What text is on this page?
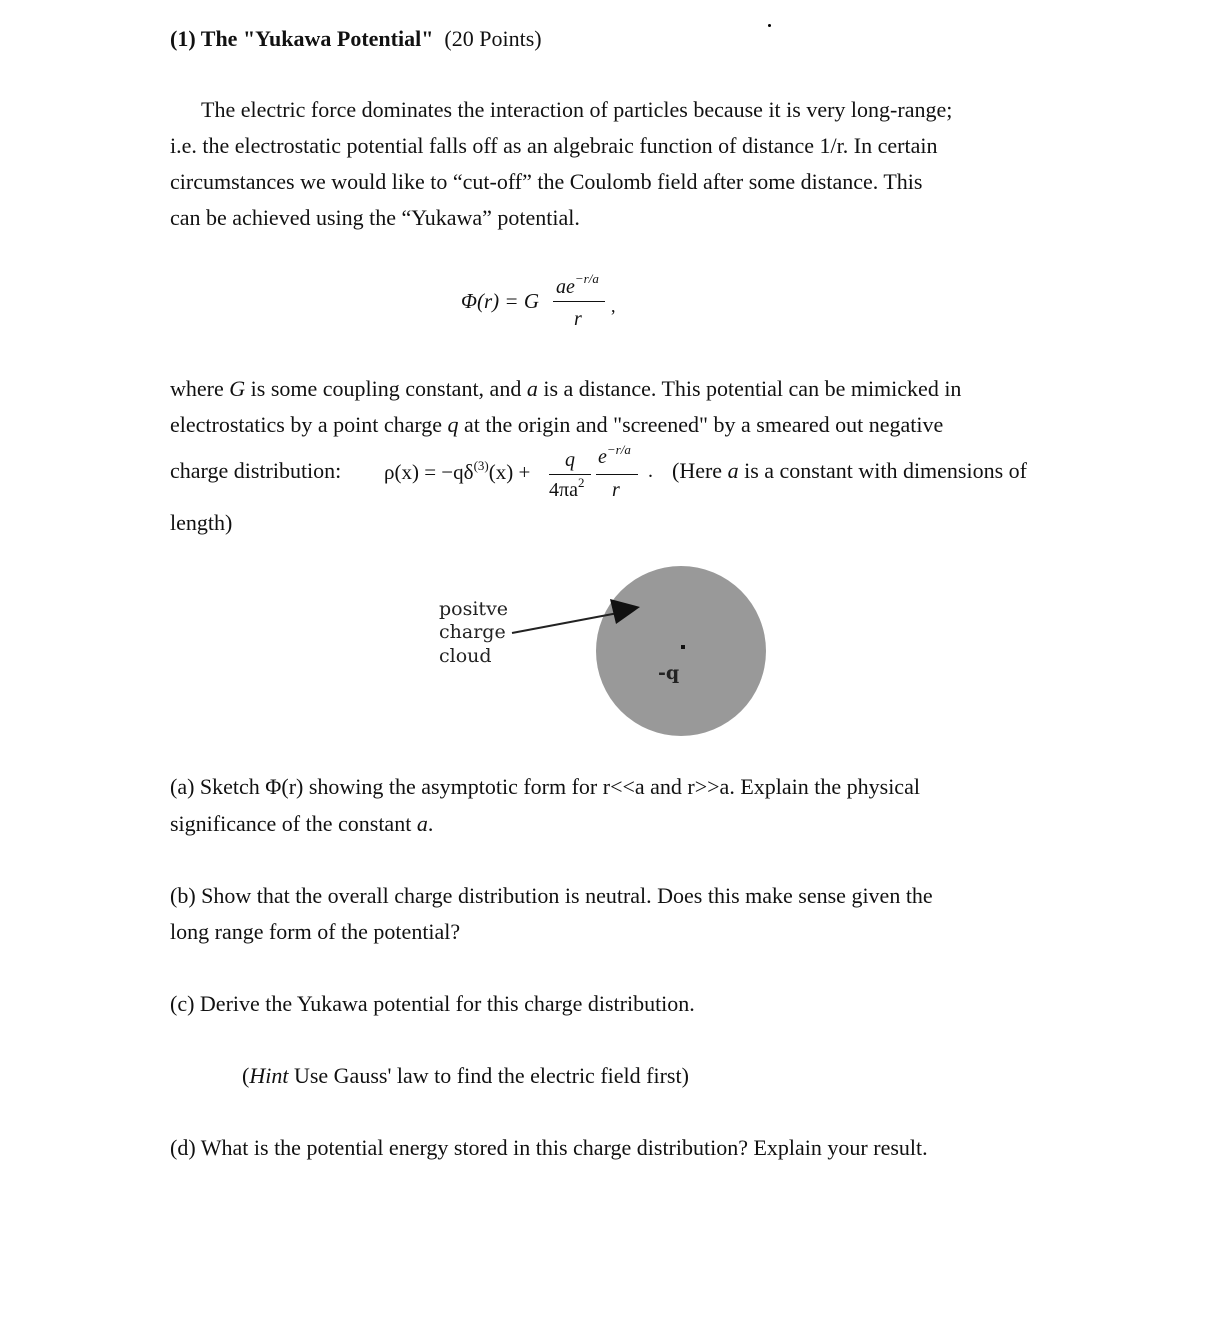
(1) The "Yukawa Potential" (20 Points)
The electric force dominates the interaction of particles because it is very long-range;
i.e. the electrostatic potential falls off as an algebraic function of distance 1/r. In certain
circumstances we would like to “cut-off” the Coulomb field after some distance. This
can be achieved using the “Yukawa” potential.
Φ(r) = G
$ae^{-r/a}$
r
,
where G is some coupling constant, and a is a distance. This potential can be mimicked in
electrostatics by a point charge q at the origin and "screened" by a smeared out negative
charge distribution: $\rho(x) = -q\delta^{(3)}(x) + q$
$4\pi a^2$
$e^{-r/a}$
r
. (Here a is a constant with dimensions of
length)
positve
charge
cloud
-q
(a) Sketch Φ(r) showing the asymptotic form for r<<a and r>>a. Explain the physical
significance of the constant a.
(b) Show that the overall charge distribution is neutral. Does this make sense given the
long range form of the potential?
(c) Derive the Yukawa potential for this charge distribution.
(Hint Use Gauss' law to find the electric field first)
(d) What is the potential energy stored in this charge distribution? Explain your result.
